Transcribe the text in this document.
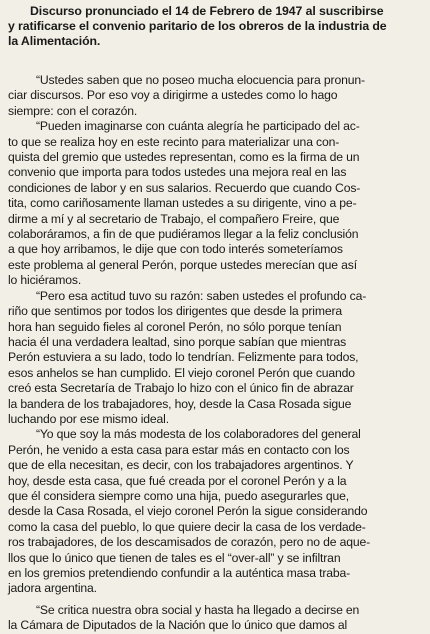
Discurso pronunciado el 14 de Febrero de 1947 al suscribirse
y ratificarse el convenio paritario de los obreros de la industria de
la Alimentación.
“Ustedes saben que no poseo mucha elocuencia para pronun-
ciar discursos. Por eso voy a dirigirme a ustedes como lo hago
siempre: con el corazón.
“Pueden imaginarse con cuánta alegría he participado del ac-
to que se realiza hoy en este recinto para materializar una con-
quista del gremio que ustedes representan, como es la firma de un
convenio que importa para todos ustedes una mejora real en las
condiciones de labor y en sus salarios. Recuerdo que cuando Cos-
tita, como cariñosamente llaman ustedes a su dirigente, vino a pe-
dirme a mí y al secretario de Trabajo, el compañero Freire, que
colaboráramos, a fin de que pudiéramos llegar a la feliz conclusión
a que hoy arribamos, le dije que con todo interés someteríamos
este problema al general Perón, porque ustedes merecían que así
lo hiciéramos.
“Pero esa actitud tuvo su razón: saben ustedes el profundo ca-
riño que sentimos por todos los dirigentes que desde la primera
hora han seguido fieles al coronel Perón, no sólo porque tenían
hacia él una verdadera lealtad, sino porque sabían que mientras
Perón estuviera a su lado, todo lo tendrían. Felizmente para todos,
esos anhelos se han cumplido. El viejo coronel Perón que cuando
creó esta Secretaría de Trabajo lo hizo con el único fin de abrazar
la bandera de los trabajadores, hoy, desde la Casa Rosada sigue
luchando por ese mismo ideal.
“Yo que soy la más modesta de los colaboradores del general
Perón, he venido a esta casa para estar más en contacto con los
que de ella necesitan, es decir, con los trabajadores argentinos. Y
hoy, desde esta casa, que fué creada por el coronel Perón y a la
que él considera siempre como una hija, puedo asegurarles que,
desde la Casa Rosada, el viejo coronel Perón la sigue considerando
como la casa del pueblo, lo que quiere decir la casa de los verdade-
ros trabajadores, de los descamisados de corazón, pero no de aque-
llos que lo único que tienen de tales es el “over-all” y se infiltran
en los gremios pretendiendo confundir a la auténtica masa traba-
jadora argentina.
“Se critica nuestra obra social y hasta ha llegado a decirse en
la Cámara de Diputados de la Nación que lo único que damos al
